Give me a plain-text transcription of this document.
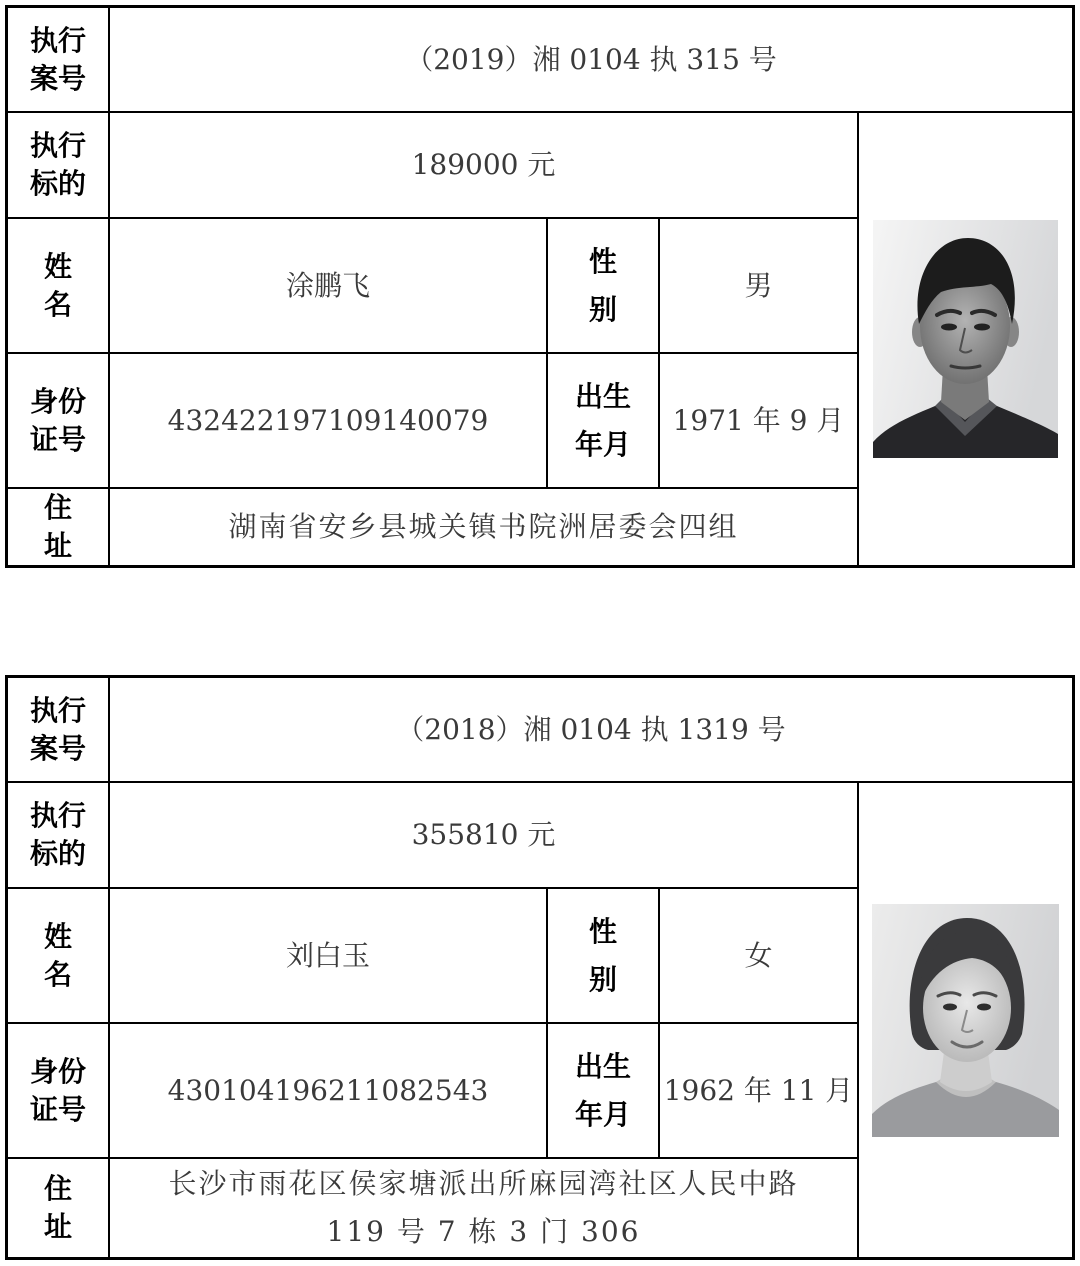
执行
案号
（2019）湘 0104 执 315 号
执行
标的
189000 元
姓
名
涂鹏飞
性
别
男
身份
证号
432422197109140079
出生
年月
1971 年 9 月
住
址
湖南省安乡县城关镇书院洲居委会四组
执行
案号
（2018）湘 0104 执 1319 号
执行
标的
355810 元
姓
名
刘白玉
性
别
女
身份
证号
430104196211082543
出生
年月
1962 年 11 月
住
址
长沙市雨花区侯家塘派出所麻园湾社区人民中路
119 号 7 栋 3 门 306
